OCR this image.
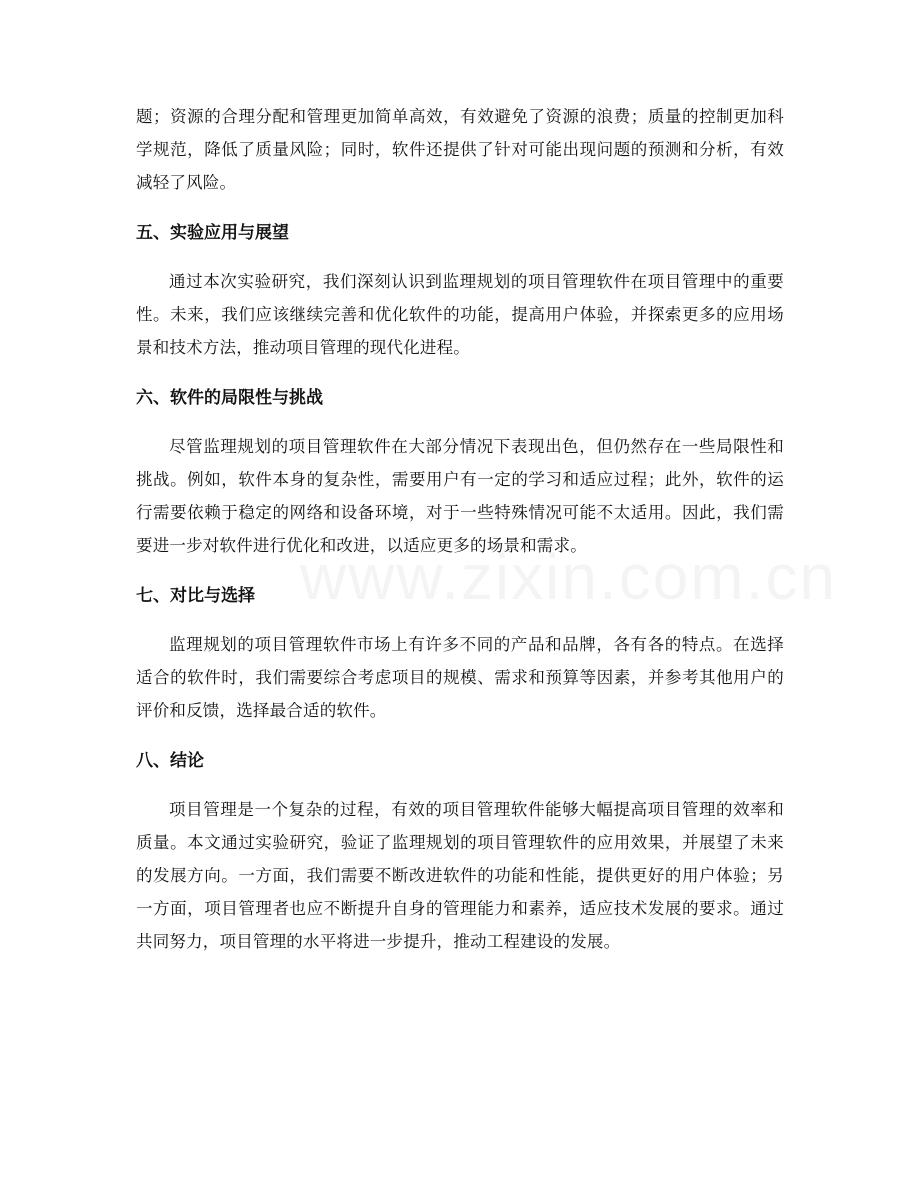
题；资源的合理分配和管理更加简单高效，有效避免了资源的浪费；质量的控制更加科学规范，降低了质量风险；同时，软件还提供了针对可能出现问题的预测和分析，有效减轻了风险。

五、实验应用与展望

通过本次实验研究，我们深刻认识到监理规划的项目管理软件在项目管理中的重要性。未来，我们应该继续完善和优化软件的功能，提高用户体验，并探索更多的应用场景和技术方法，推动项目管理的现代化进程。

六、软件的局限性与挑战

尽管监理规划的项目管理软件在大部分情况下表现出色，但仍然存在一些局限性和挑战。例如，软件本身的复杂性，需要用户有一定的学习和适应过程；此外，软件的运行需要依赖于稳定的网络和设备环境，对于一些特殊情况可能不太适用。因此，我们需要进一步对软件进行优化和改进，以适应更多的场景和需求。

七、对比与选择

监理规划的项目管理软件市场上有许多不同的产品和品牌，各有各的特点。在选择适合的软件时，我们需要综合考虑项目的规模、需求和预算等因素，并参考其他用户的评价和反馈，选择最合适的软件。

八、结论

项目管理是一个复杂的过程，有效的项目管理软件能够大幅提高项目管理的效率和质量。本文通过实验研究，验证了监理规划的项目管理软件的应用效果，并展望了未来的发展方向。一方面，我们需要不断改进软件的功能和性能，提供更好的用户体验；另一方面，项目管理者也应不断提升自身的管理能力和素养，适应技术发展的要求。通过共同努力，项目管理的水平将进一步提升，推动工程建设的发展。
